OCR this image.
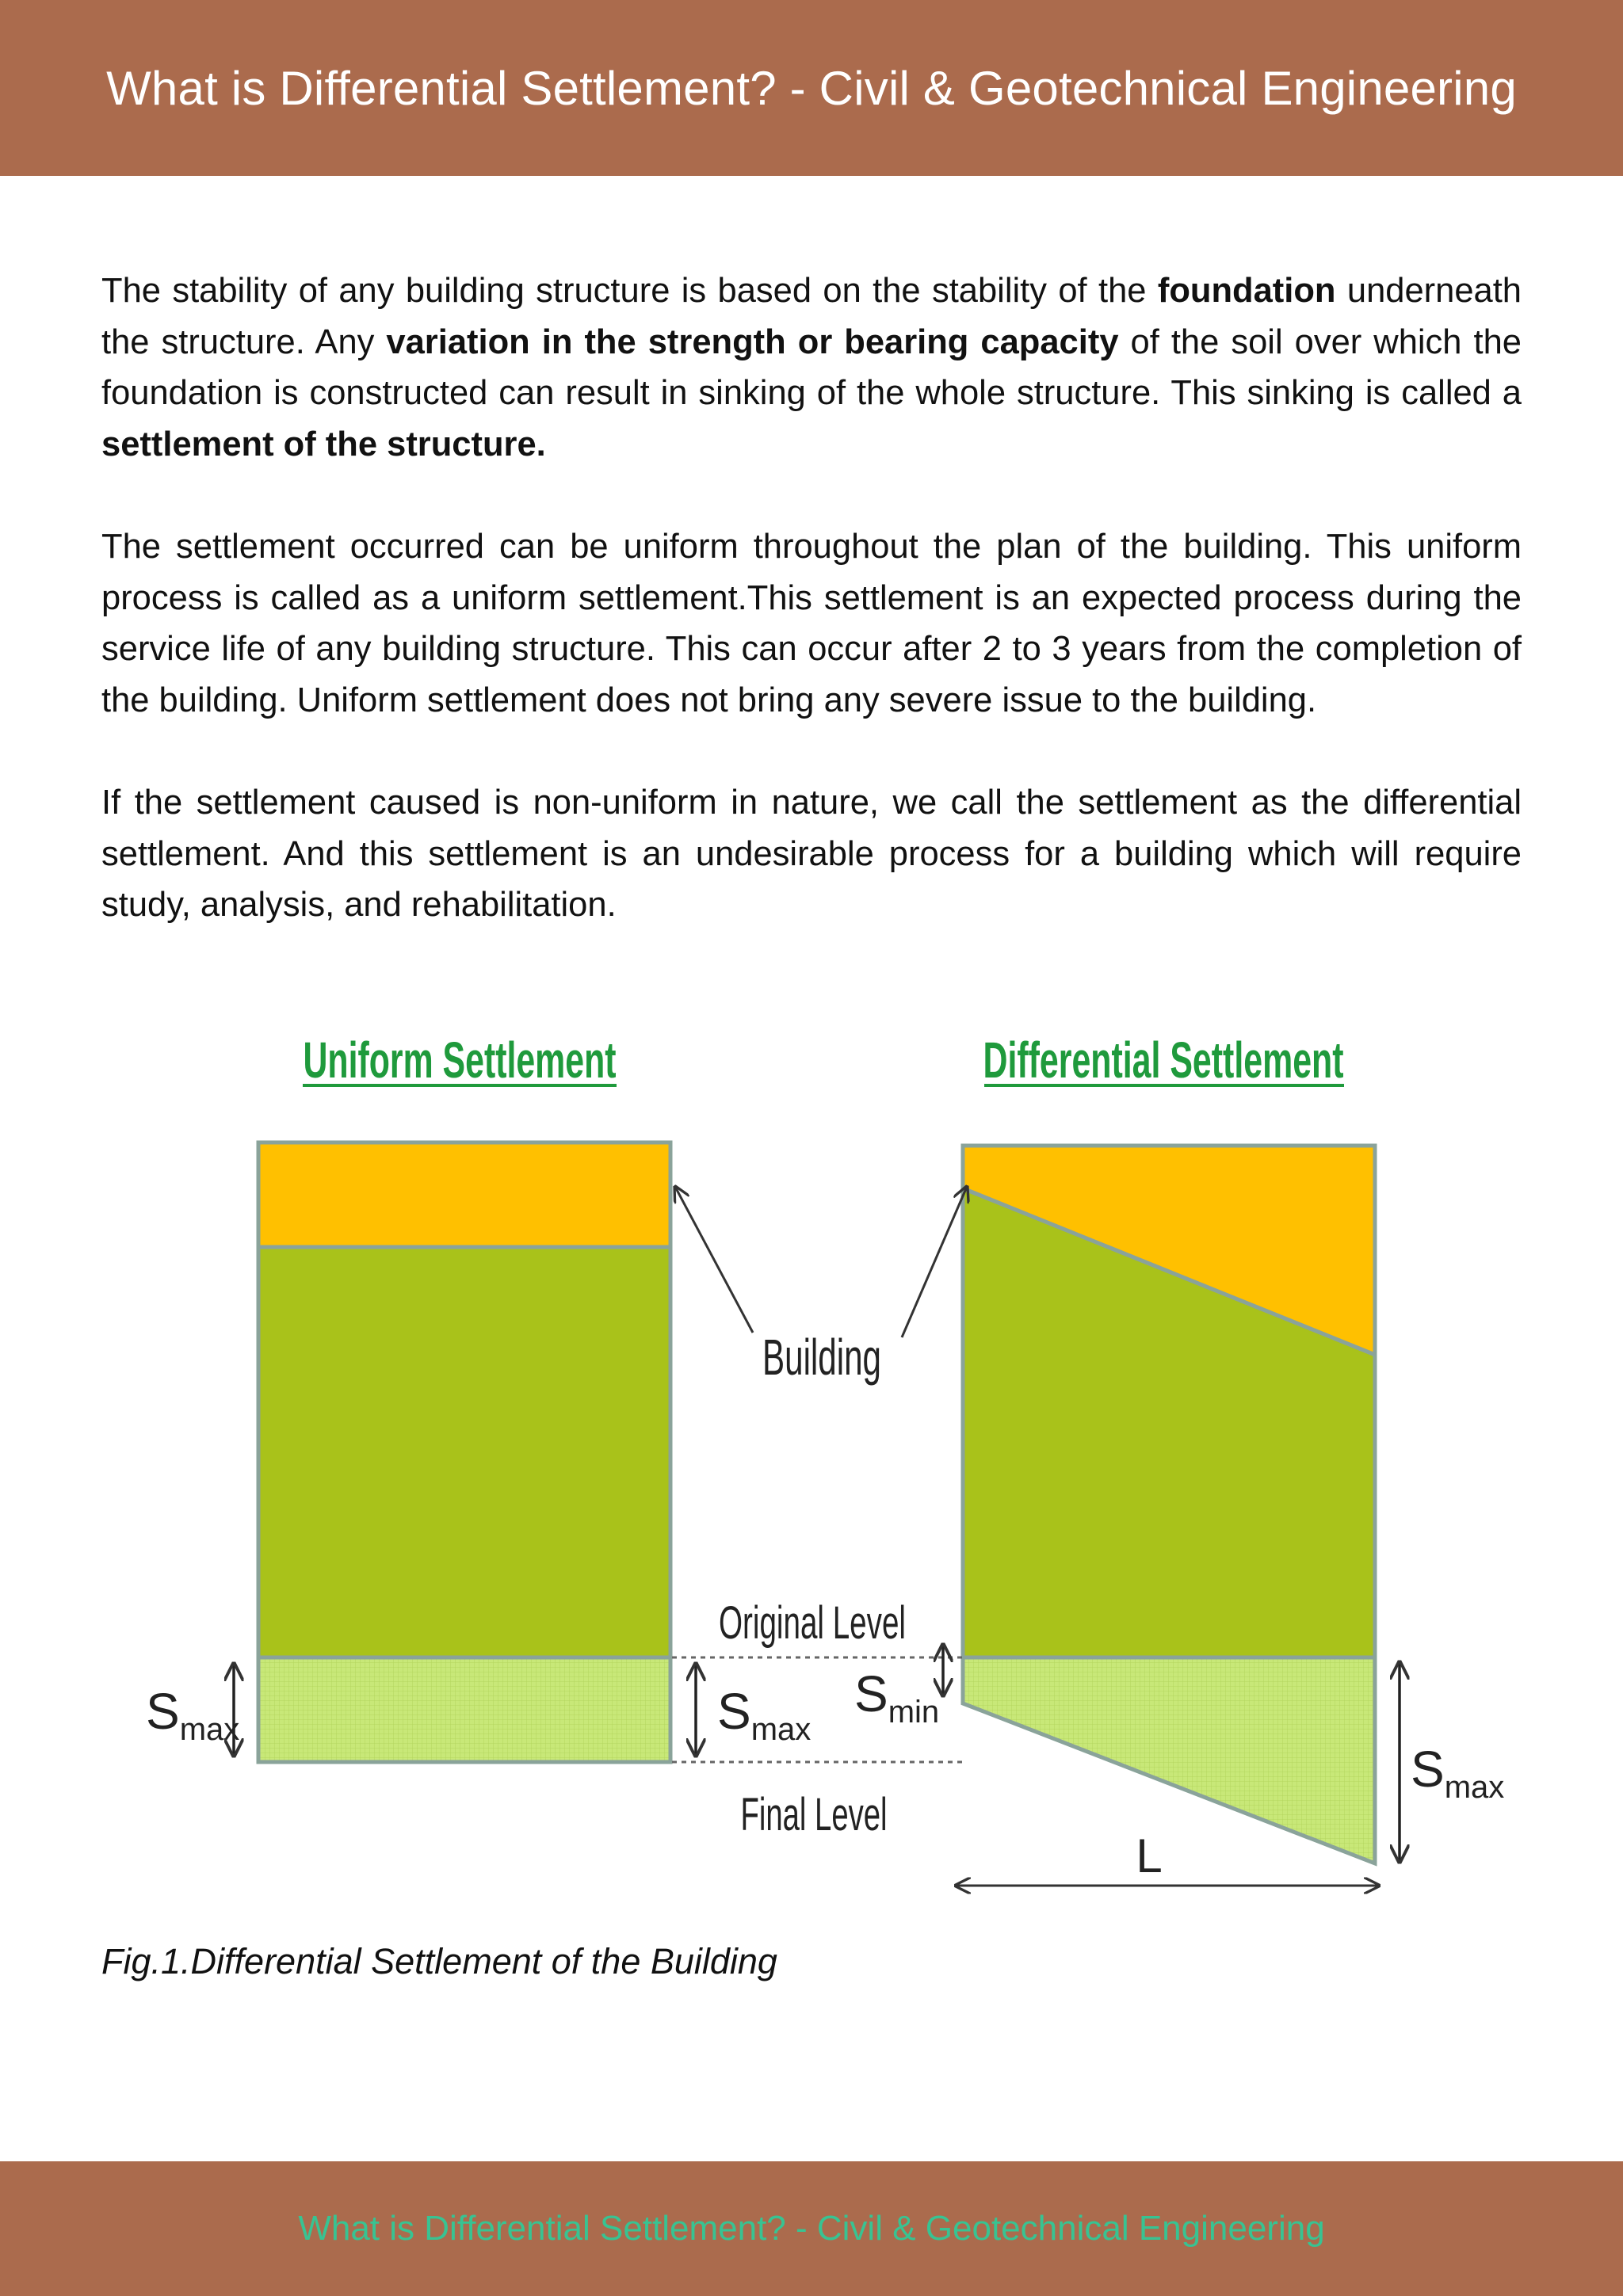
What is Differential Settlement? - Civil & Geotechnical Engineering

The stability of any building structure is based on the stability of the foundation underneath the structure. Any variation in the strength or bearing capacity of the soil over which the foundation is constructed can result in sinking of the whole structure. This sinking is called a settlement of the structure.

The settlement occurred can be uniform throughout the plan of the building. This uniform process is called as a uniform settlement.This settlement is an expected process during the service life of any building structure. This can occur after 2 to 3 years from the completion of the building. Uniform settlement does not bring any severe issue to the building.

If the settlement caused is non-uniform in nature, we call the settlement as the differential settlement. And this settlement is an undesirable process for a building which will require study, analysis, and rehabilitation.

Uniform Settlement	Differential Settlement
Building
Original Level
Final Level
$S_{max}$	$S_{max}$
$S_{min}$
$S_{max}$
L
Fig.1.Differential Settlement of the Building
What is Differential Settlement? - Civil & Geotechnical Engineering
